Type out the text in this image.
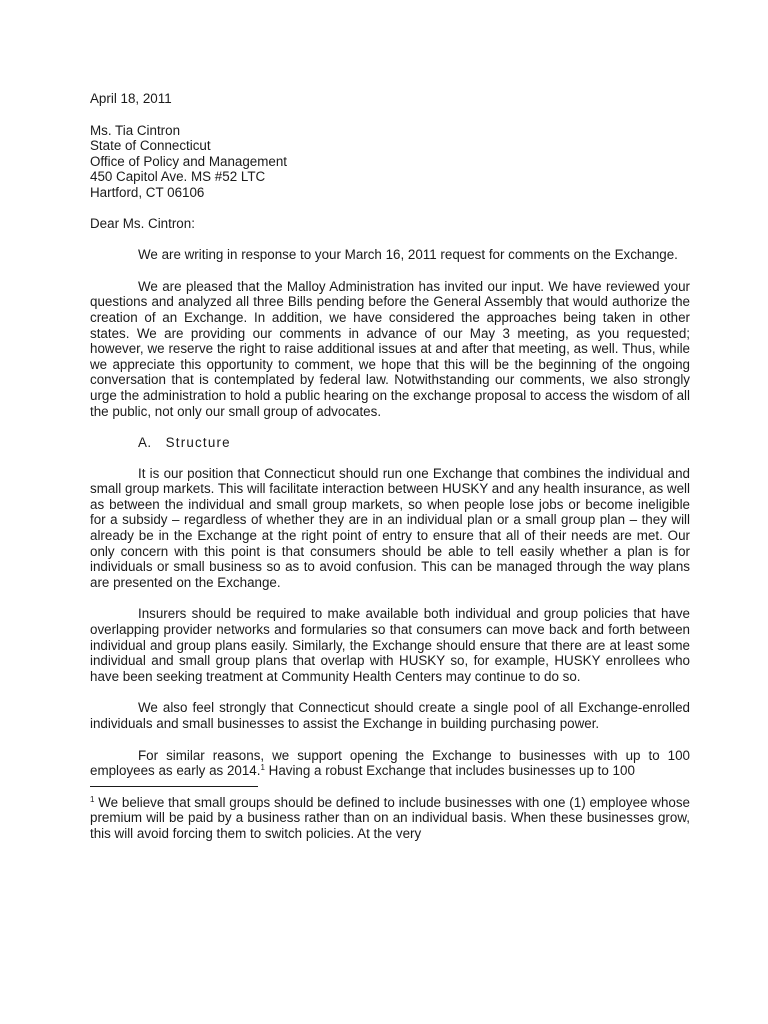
April 18, 2011

Ms. Tia Cintron
State of Connecticut
Office of Policy and Management
450 Capitol Ave. MS #52 LTC
Hartford, CT 06106

Dear Ms. Cintron:

We are writing in response to your March 16, 2011 request for comments on the Exchange.

We are pleased that the Malloy Administration has invited our input. We have reviewed your questions and analyzed all three Bills pending before the General Assembly that would authorize the creation of an Exchange. In addition, we have considered the approaches being taken in other states. We are providing our comments in advance of our May 3 meeting, as you requested; however, we reserve the right to raise additional issues at and after that meeting, as well. Thus, while we appreciate this opportunity to comment, we hope that this will be the beginning of the ongoing conversation that is contemplated by federal law. Notwithstanding our comments, we also strongly urge the administration to hold a public hearing on the exchange proposal to access the wisdom of all the public, not only our small group of advocates.

A. Structure

It is our position that Connecticut should run one Exchange that combines the individual and small group markets. This will facilitate interaction between HUSKY and any health insurance, as well as between the individual and small group markets, so when people lose jobs or become ineligible for a subsidy – regardless of whether they are in an individual plan or a small group plan – they will already be in the Exchange at the right point of entry to ensure that all of their needs are met. Our only concern with this point is that consumers should be able to tell easily whether a plan is for individuals or small business so as to avoid confusion. This can be managed through the way plans are presented on the Exchange.

Insurers should be required to make available both individual and group policies that have overlapping provider networks and formularies so that consumers can move back and forth between individual and group plans easily. Similarly, the Exchange should ensure that there are at least some individual and small group plans that overlap with HUSKY so, for example, HUSKY enrollees who have been seeking treatment at Community Health Centers may continue to do so.

We also feel strongly that Connecticut should create a single pool of all Exchange-enrolled individuals and small businesses to assist the Exchange in building purchasing power.

For similar reasons, we support opening the Exchange to businesses with up to 100 employees as early as 2014.$^1$ Having a robust Exchange that includes businesses up to 100

$^1$ We believe that small groups should be defined to include businesses with one (1) employee whose premium will be paid by a business rather than on an individual basis. When these businesses grow, this will avoid forcing them to switch policies. At the very
